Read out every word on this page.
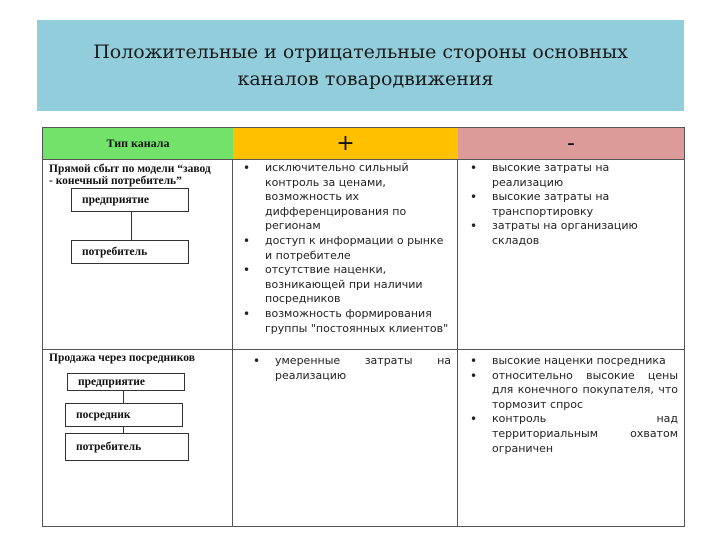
Положительные и отрицательные стороны основных
каналов товародвижения
Тип канала	+	-
Прямой сбыт по модели “завод
- конечный потребитель”
предприятие
потребитель
• исключительно сильный контроль за ценами, возможность их дифференцирования по регионам
• доступ к информации о рынке и потребителе
• отсутствие наценки, возникающей при наличии посредников
• возможность формирования группы "постоянных клиентов"
• высокие затраты на реализацию
• высокие затраты на транспортировку
• затраты на организацию складов
Продажа через посредников
предприятие
посредник
потребитель
• умеренные затраты на реализацию
• высокие наценки посредника
• относительно высокие цены для конечного покупателя, что тормозит спрос
• контроль над территориальным охватом ограничен
